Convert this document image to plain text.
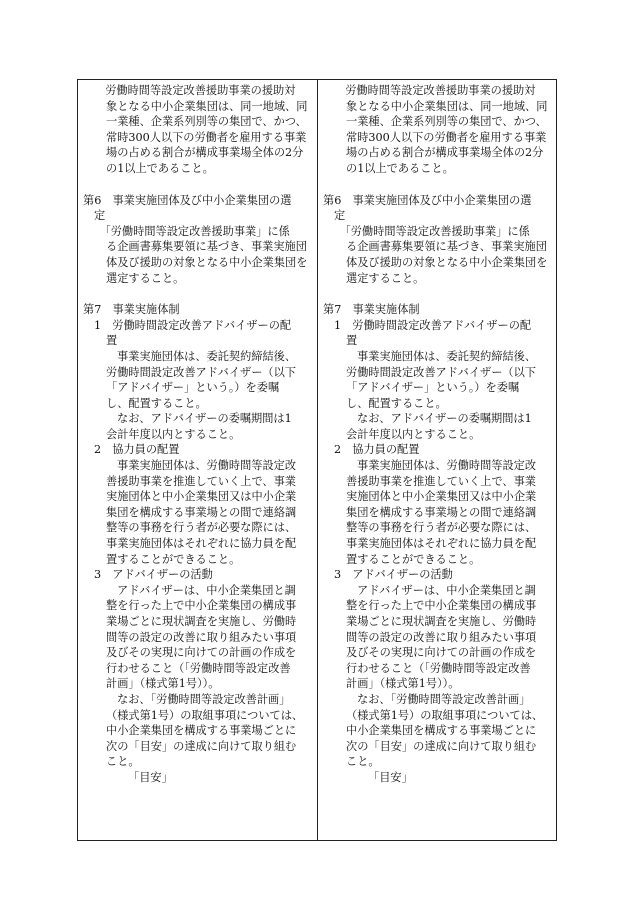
　労働時間等設定改善援助事業の援助対
象となる中小企業集団は、同一地域、同
一業種、企業系列別等の集団で、かつ、
常時300人以下の労働者を雇用する事業
場の占める割合が構成事業場全体の2分
の1以上であること。
第6　事業実施団体及び中小企業集団の選
定
　「労働時間等設定改善援助事業」に係
る企画書募集要領に基づき、事業実施団
体及び援助の対象となる中小企業集団を
選定すること。
第7　事業実施体制
1　労働時間設定改善アドバイザーの配
置
事業実施団体は、委託契約締結後、
労働時間設定改善アドバイザー（以下
「アドバイザー」という。）を委嘱
し、配置すること。
なお、アドバイザーの委嘱期間は1
会計年度以内とすること。
2　協力員の配置
事業実施団体は、労働時間等設定改
善援助事業を推進していく上で、事業
実施団体と中小企業集団又は中小企業
集団を構成する事業場との間で連絡調
整等の事務を行う者が必要な際には、
事業実施団体はそれぞれに協力員を配
置することができること。
3　アドバイザーの活動
アドバイザーは、中小企業集団と調
整を行った上で中小企業集団の構成事
業場ごとに現状調査を実施し、労働時
間等の設定の改善に取り組みたい事項
及びその実現に向けての計画の作成を
行わせること（「労働時間等設定改善
計画」（様式第1号））。
なお、「労働時間等設定改善計画」
（様式第1号）の取組事項については、
中小企業集団を構成する事業場ごとに
次の「目安」の達成に向けて取り組む
こと。
「目安」
　労働時間等設定改善援助事業の援助対
象となる中小企業集団は、同一地域、同
一業種、企業系列別等の集団で、かつ、
常時300人以下の労働者を雇用する事業
場の占める割合が構成事業場全体の2分
の1以上であること。
第6　事業実施団体及び中小企業集団の選
定
　「労働時間等設定改善援助事業」に係
る企画書募集要領に基づき、事業実施団
体及び援助の対象となる中小企業集団を
選定すること。
第7　事業実施体制
1　労働時間設定改善アドバイザーの配
置
事業実施団体は、委託契約締結後、
労働時間設定改善アドバイザー（以下
「アドバイザー」という。）を委嘱
し、配置すること。
なお、アドバイザーの委嘱期間は1
会計年度以内とすること。
2　協力員の配置
事業実施団体は、労働時間等設定改
善援助事業を推進していく上で、事業
実施団体と中小企業集団又は中小企業
集団を構成する事業場との間で連絡調
整等の事務を行う者が必要な際には、
事業実施団体はそれぞれに協力員を配
置することができること。
3　アドバイザーの活動
アドバイザーは、中小企業集団と調
整を行った上で中小企業集団の構成事
業場ごとに現状調査を実施し、労働時
間等の設定の改善に取り組みたい事項
及びその実現に向けての計画の作成を
行わせること（「労働時間等設定改善
計画」（様式第1号））。
なお、「労働時間等設定改善計画」
（様式第1号）の取組事項については、
中小企業集団を構成する事業場ごとに
次の「目安」の達成に向けて取り組む
こと。
「目安」
